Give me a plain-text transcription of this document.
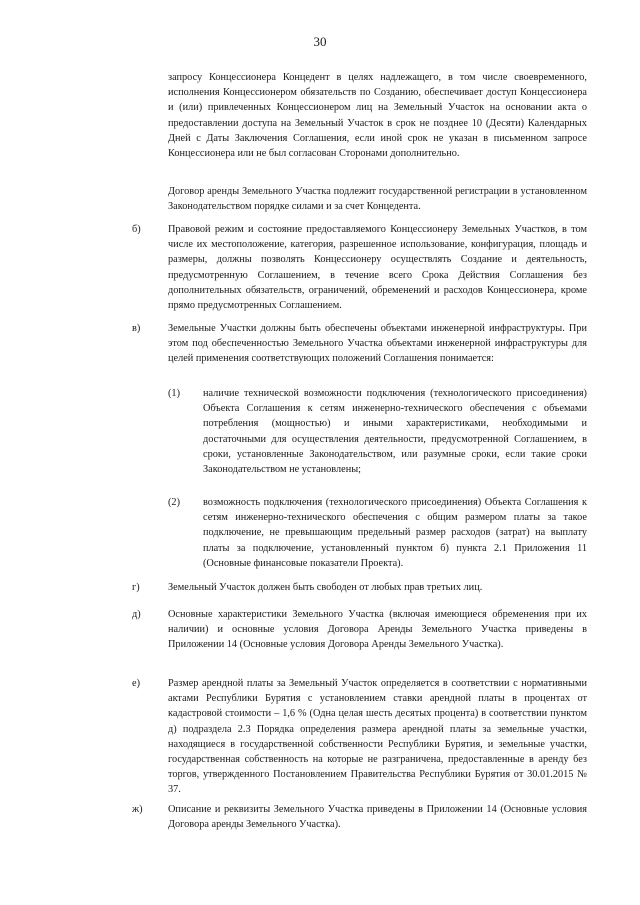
30

запросу Концессионера Концедент в целях надлежащего, в том числе своевременного, исполнения Концессионером обязательств по Созданию, обеспечивает доступ Концессионера и (или) привлеченных Концессионером лиц на Земельный Участок на основании акта о предоставлении доступа на Земельный Участок в срок не позднее 10 (Десяти) Календарных Дней с Даты Заключения Соглашения, если иной срок не указан в письменном запросе Концессионера или не был согласован Сторонами дополнительно.

Договор аренды Земельного Участка подлежит государственной регистрации в установленном Законодательством порядке силами и за счет Концедента.

б)	Правовой режим и состояние предоставляемого Концессионеру Земельных Участков, в том числе их местоположение, категория, разрешенное использование, конфигурация, площадь и размеры, должны позволять Концессионеру осуществлять Создание и деятельность, предусмотренную Соглашением, в течение всего Срока Действия Соглашения без дополнительных обязательств, ограничений, обременений и расходов Концессионера, кроме прямо предусмотренных Соглашением.

в)	Земельные Участки должны быть обеспечены объектами инженерной инфраструктуры. При этом под обеспеченностью Земельного Участка объектами инженерной инфраструктуры для целей применения соответствующих положений Соглашения понимается:

(1) наличие технической возможности подключения (технологического присоединения) Объекта Соглашения к сетям инженерно-технического обеспечения с объемами потребления (мощностью) и иными характеристиками, необходимыми и достаточными для осуществления деятельности, предусмотренной Соглашением, в сроки, установленные Законодательством, или разумные сроки, если такие сроки Законодательством не установлены;

(2) возможность подключения (технологического присоединения) Объекта Соглашения к сетям инженерно-технического обеспечения с общим размером платы за такое подключение, не превышающим предельный размер расходов (затрат) на выплату платы за подключение, установленный пунктом б) пункта 2.1 Приложения 11 (Основные финансовые показатели Проекта).

г)	Земельный Участок должен быть свободен от любых прав третьих лиц.

д)	Основные характеристики Земельного Участка (включая имеющиеся обременения при их наличии) и основные условия Договора Аренды Земельного Участка приведены в Приложении 14 (Основные условия Договора Аренды Земельного Участка).

е)	Размер арендной платы за Земельный Участок определяется в соответствии с нормативными актами Республики Бурятия с установлением ставки арендной платы в процентах от кадастровой стоимости – 1,6 % (Одна целая шесть десятых процента) в соответствии пунктом д) подраздела 2.3 Порядка определения размера арендной платы за земельные участки, находящиеся в государственной собственности Республики Бурятия, и земельные участки, государственная собственность на которые не разграничена, предоставленные в аренду без торгов, утвержденного Постановлением Правительства Республики Бурятия от 30.01.2015 № 37.

ж) Описание и реквизиты Земельного Участка приведены в Приложении 14 (Основные условия Договора аренды Земельного Участка).
